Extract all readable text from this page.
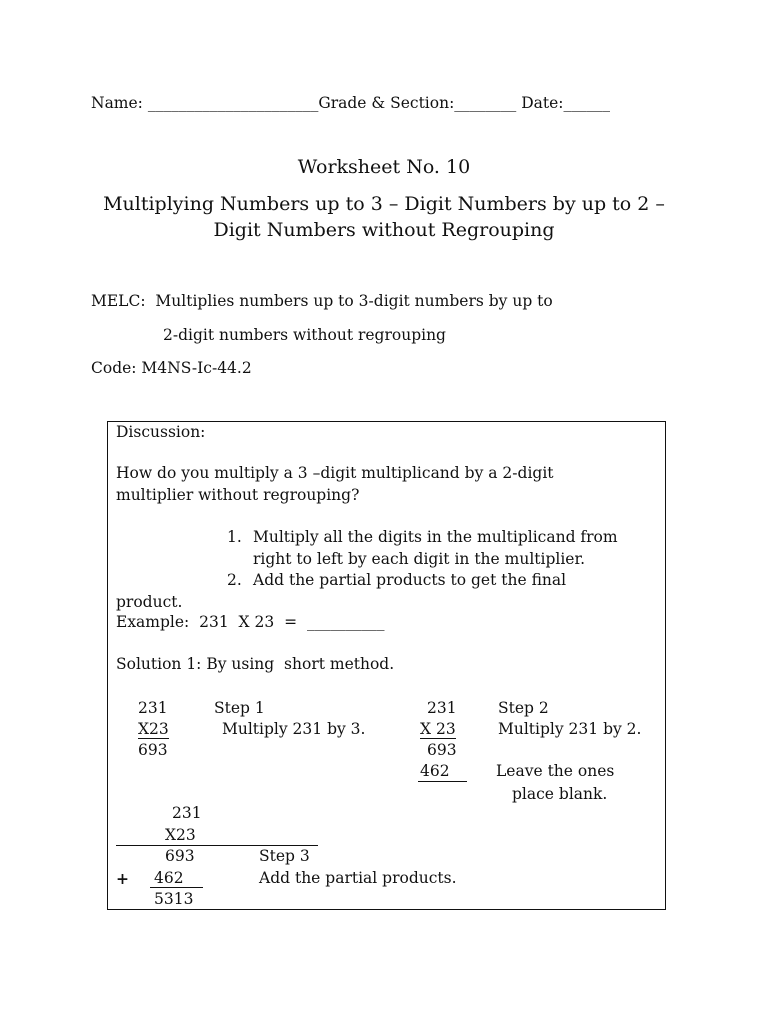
Name: ______________________Grade & Section:________ Date:______
Worksheet No. 10
Multiplying Numbers up to 3 – Digit Numbers by up to 2 –
Digit Numbers without Regrouping
MELC:  Multiplies numbers up to 3-digit numbers by up to
2-digit numbers without regrouping
Code: M4NS-Ic-44.2
Discussion:
How do you multiply a 3 –digit multiplicand by a 2-digit
multiplier without regrouping?
1. Multiply all the digits in the multiplicand from
right to left by each digit in the multiplier.
2. Add the partial products to get the final
product.
Example:  231  X 23  =  __________
Solution 1: By using  short method.
231
X23
693
Step 1
Multiply 231 by 3.
231
X 23
693
462
Step 2
Multiply 231 by 2.
Leave the ones
place blank.
231
X23
693
+ 462
5313
Step 3
Add the partial products.
